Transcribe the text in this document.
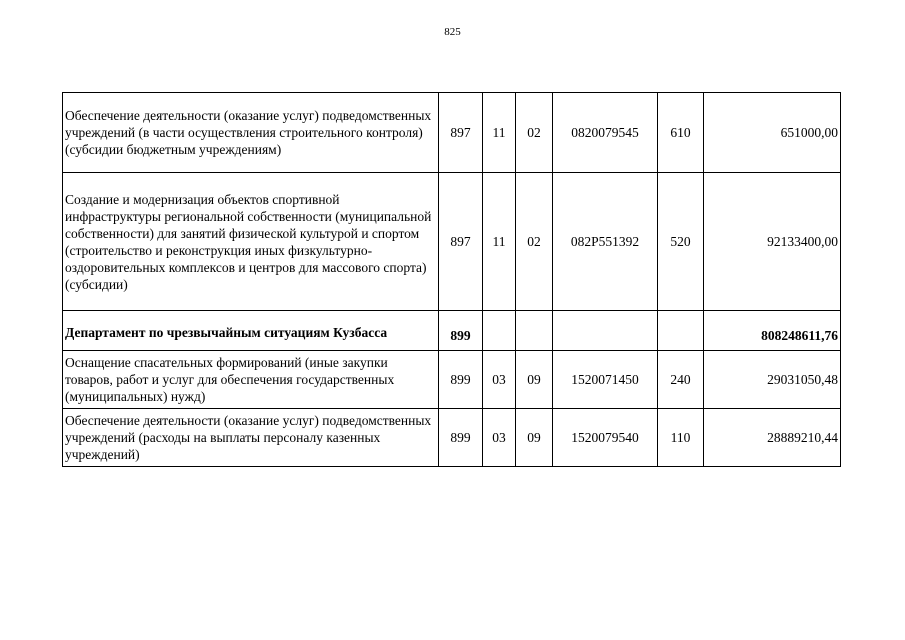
825
Обеспечение деятельности (оказание услуг) подведомственных учреждений (в части осуществления строительного контроля) (субсидии бюджетным учреждениям)	897	11	02	0820079545	610	651000,00
Создание и модернизация объектов спортивной инфраструктуры региональной собственности (муниципальной собственности) для занятий физической культурой и спортом (строительство и реконструкция иных физкультурно-оздоровительных комплексов и центров для массового спорта) (субсидии)	897	11	02	082P551392	520	92133400,00
Департамент по чрезвычайным ситуациям Кузбасса	899					808248611,76
Оснащение спасательных формирований (иные закупки товаров, работ и услуг для обеспечения государственных (муниципальных) нужд)	899	03	09	1520071450	240	29031050,48
Обеспечение деятельности (оказание услуг) подведомственных учреждений (расходы на выплаты персоналу казенных учреждений)	899	03	09	1520079540	110	28889210,44
